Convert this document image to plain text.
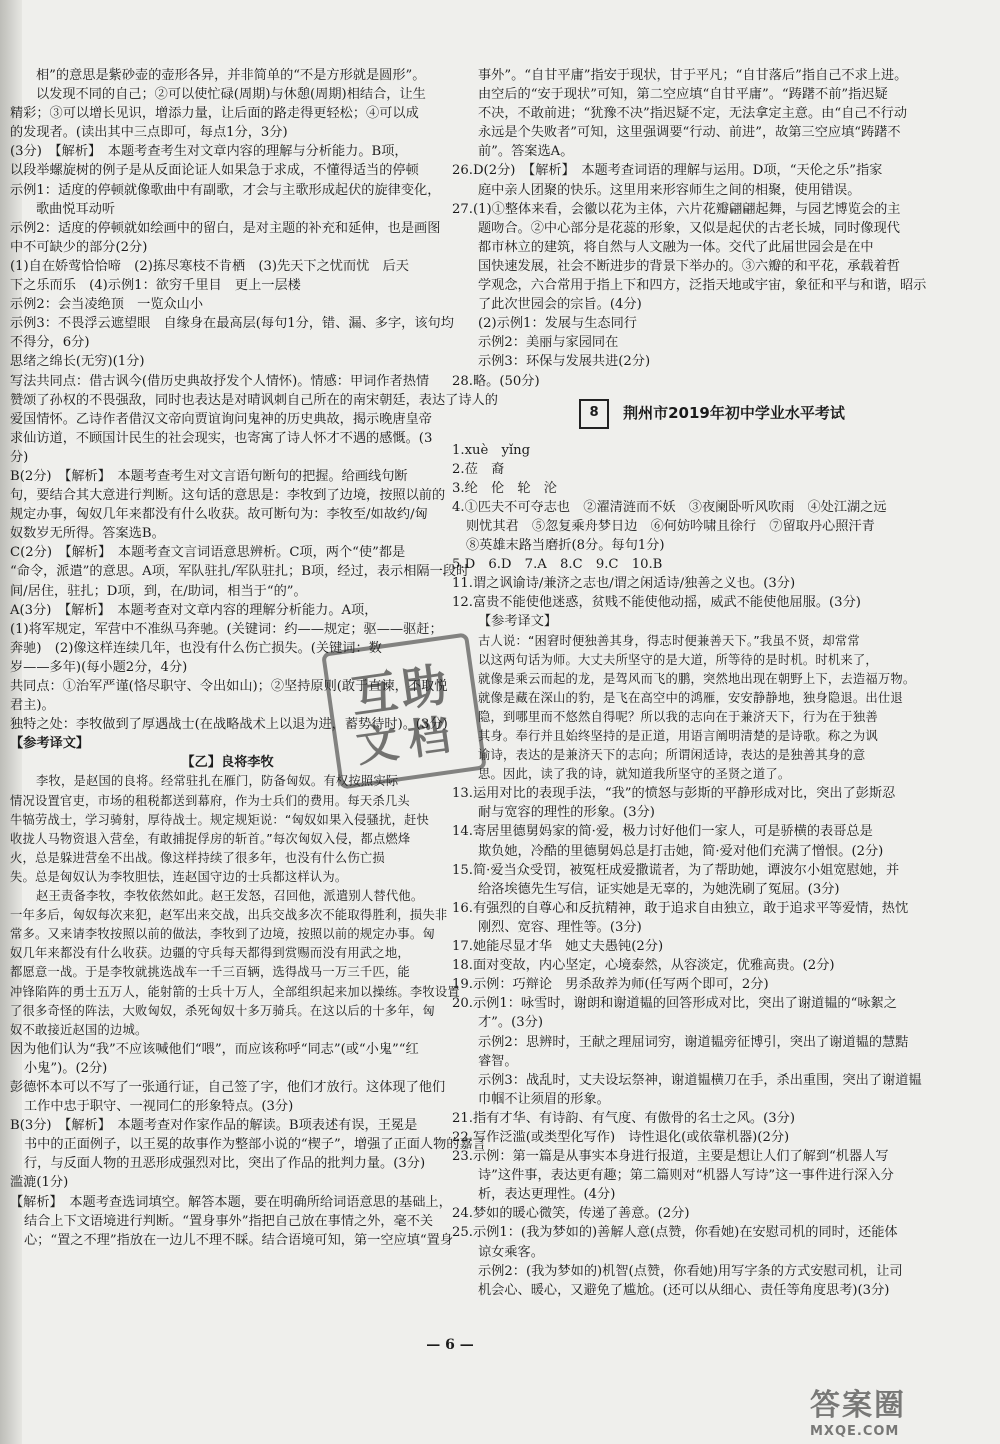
相”的意思是紫砂壶的壶形各异，并非简单的“不是方形就是圆形”。
以发现不同的自己；②可以使忙碌(周期)与休憩(周期)相结合，让生
精彩；③可以增长见识，增添力量，让后面的路走得更轻松；④可以成
的发现者。(读出其中三点即可，每点1分，3分)
(3分)　【解析】　本题考查考生对文章内容的理解与分析能力。B项，
以段举螺旋树的例子是从反面论证人如果急于求成，不懂得适当的停顿
示例1：适度的停顿就像歌曲中有副歌，才会与主歌形成起伏的旋律变化，
歌曲悦耳动听
示例2：适度的停顿就如绘画中的留白，是对主题的补充和延伸，也是画图
中不可缺少的部分(2分)
(1)自在娇莺恰恰啼　(2)拣尽寒枝不肯栖　(3)先天下之忧而忧　后天
下之乐而乐　(4)示例1：欲穷千里目　更上一层楼
示例2：会当凌绝顶　一览众山小
示例3：不畏浮云遮望眼　自缘身在最高层(每句1分，错、漏、多字，该句均
不得分，6分)
思绪之绵长(无穷)(1分)
写法共同点：借古讽今(借历史典故抒发个人情怀)。情感：甲词作者热情
赞颂了孙权的不畏强敌，同时也表达是对晴讽刺自己所在的南宋朝廷，表达了诗人的
爱国情怀。乙诗作者借汉文帝向贾谊询问鬼神的历史典故，揭示晚唐皇帝
求仙访道，不顾国计民生的社会现实，也寄寓了诗人怀才不遇的感慨。(3
分)
B(2分)　【解析】　本题考查考生对文言语句断句的把握。给画线句断
句，要结合其大意进行判断。这句话的意思是：李牧到了边境，按照以前的
规定办事，匈奴几年来都没有什么收获。故可断句为：李牧至/如故约/匈
奴数岁无所得。答案选B。
C(2分)　【解析】　本题考查文言词语意思辨析。C项，两个“使”都是
“命令，派遣”的意思。A项，军队驻扎/军队驻扎；B项，经过，表示相隔一段时
间/居住，驻扎；D项，到，在/助词，相当于“的”。
A(3分)　【解析】　本题考查对文章内容的理解分析能力。A项，
(1)将军规定，军营中不准纵马奔驰。(关键词：约——规定；驱——驱赶；
奔驰)　(2)像这样连续几年，也没有什么伤亡损失。(关键词：数
岁——多年)(每小题2分，4分)
共同点：①治军严谨(恪尽职守、令出如山)；②坚持原则(敢于直谏，不取悦
君主)。
独特之处：李牧做到了厚遇战士(在战略战术上以退为进，蓄势待时)。(3分)
【参考译文】
【乙】良将李牧
李牧，是赵国的良将。经常驻扎在雁门，防备匈奴。有权按照实际
情况设置官吏，市场的租税都送到幕府，作为士兵们的费用。每天杀几头
牛犒劳战士，学习骑射，厚待战士。规定规矩说：“匈奴如果入侵骚扰，赶快
收拢人马物资退入营垒，有敢捕捉俘房的斩首。”每次匈奴入侵，都点燃烽
火，总是躲进营垒不出战。像这样持续了很多年，也没有什么伤亡损
失。总是匈奴认为李牧胆怯，连赵国守边的士兵都这样认为。
赵王责备李牧，李牧依然如此。赵王发怒，召回他，派遣别人替代他。
一年多后，匈奴每次来犯，赵军出来交战，出兵交战多次不能取得胜利，损失非
常多。又来请李牧按照以前的做法，李牧到了边境，按照以前的规定办事。匈
奴几年来都没有什么收获。边疆的守兵每天都得到赏赐而没有用武之地，
都愿意一战。于是李牧就挑选战车一千三百辆，选得战马一万三千匹，能
冲锋陷阵的勇士五万人，能射箭的士兵十万人，全部组织起来加以操练。李牧设置
了很多奇怪的阵法，大败匈奴，杀死匈奴十多万骑兵。在这以后的十多年，匈
奴不敢接近赵国的边城。
因为他们认为“我”不应该喊他们“喂”，而应该称呼“同志”(或“小鬼”“红
小鬼”)。(2分)
彭德怀本可以不写了一张通行证，自己签了字，他们才放行。这体现了他们
工作中忠于职守、一视同仁的形象特点。(3分)
B(3分)　【解析】　本题考查对作家作品的解读。B项表述有误，王冕是
书中的正面例子，以王冕的故事作为整部小说的“楔子”，增强了正面人物的嘉言
行，与反面人物的丑恶形成强烈对比，突出了作品的批判力量。(3分)
滥漉(1分)
【解析】　本题考查选词填空。解答本题，要在明确所给词语意思的基础上，
结合上下文语境进行判断。“置身事外”指把自己放在事情之外，毫不关
心；“置之不理”指放在一边儿不理不睬。结合语境可知，第一空应填“置身
事外”。“自甘平庸”指安于现状，甘于平凡；“自甘落后”指自己不求上进。
由空后的“安于现状”可知，第二空应填“自甘平庸”。“踌躇不前”指迟疑
不决，不敢前进；“犹豫不决”指迟疑不定，无法拿定主意。由“自己不行动
永远是个失败者”可知，这里强调要“行动、前进”，故第三空应填“踌躇不
前”。答案选A。
26.D(2分)　【解析】　本题考查词语的理解与运用。D项，“天伦之乐”指家
庭中亲人团聚的快乐。这里用来形容师生之间的相聚，使用错误。
27.(1)①整体来看，会徽以花为主体，六片花瓣翩翩起舞，与园艺博览会的主
题吻合。②中心部分是花蕊的形象，又似是起伏的古老长城，同时像现代
都市林立的建筑，将自然与人文融为一体。交代了此届世园会是在中
国快速发展，社会不断进步的背景下举办的。③六瓣的和平花，承载着哲
学观念，六合常用于指上下和四方，泛指天地或宇宙，象征和平与和谐，昭示
了此次世园会的宗旨。(4分)
(2)示例1：发展与生态同行
示例2：美丽与家园同在
示例3：环保与发展共进(2分)
28.略。(50分)
8	荆州市2019年初中学业水平考试
1.xuè　yǐng
2.莅　裔
3.纶　伦　轮　沦
4.①匹夫不可夺志也　②濯清涟而不妖　③夜阑卧听风吹雨　④处江湖之远
则忧其君　⑤忽复乘舟梦日边　⑥何妨吟啸且徐行　⑦留取丹心照汗青
⑧英雄末路当磨折(8分。每句1分)
5.D　6.D　7.A　8.C　9.C　10.B
11.谓之讽谕诗/兼济之志也/谓之闲适诗/独善之义也。(3分)
12.富贵不能使他迷惑，贫贱不能使他动摇，威武不能使他屈服。(3分)
【参考译文】
古人说：“困窘时便独善其身，得志时便兼善天下。”我虽不贤，却常常
以这两句话为师。大丈夫所坚守的是大道，所等待的是时机。时机来了，
就像是乘云而起的龙，是驾风而飞的鹏，突然地出现在朝野上下，去造福万物。
就像是藏在深山的豹，是飞在高空中的鸿雁，安安静静地，独身隐退。出仕退
隐，到哪里而不悠然自得呢？所以我的志向在于兼济天下，行为在于独善
其身。奉行并且始终坚持的是正道，用语言阐明清楚的是诗歌。称之为讽
谕诗，表达的是兼济天下的志向；所谓闲适诗，表达的是独善其身的意
思。因此，读了我的诗，就知道我所坚守的圣贤之道了。
13.运用对比的表现手法，“我”的愤怒与彭斯的平静形成对比，突出了彭斯忍
耐与宽容的理性的形象。(3分)
14.寄居里德舅妈家的简·爱，极力讨好他们一家人，可是骄横的表哥总是
欺负她，冷酷的里德舅妈总是打击她，简·爱对他们充满了憎恨。(2分)
15.简·爱当众受罚，被冤枉成爱撒谎者，为了帮助她，谭波尔小姐宽慰她，并
给洛埃德先生写信，证实她是无辜的，为她洗刷了冤屈。(3分)
16.有强烈的自尊心和反抗精神，敢于追求自由独立，敢于追求平等爱情，热忱
刚烈、宽容、理性等。(3分)
17.她能尽显才华　她丈夫愚钝(2分)
18.面对变故，内心坚定，心境泰然，从容淡定，优雅高贵。(2分)
19.示例：巧辩论　男杀敌养为师(任写两个即可，2分)
20.示例1：咏雪时，谢朗和谢道韫的回答形成对比，突出了谢道韫的“咏絮之
才”。(3分)
示例2：思辨时，王献之理屈词穷，谢道韫旁征博引，突出了谢道韫的慧黠
睿智。
示例3：战乱时，丈夫设坛祭神，谢道韫横刀在手，杀出重围，突出了谢道韫
巾帼不让须眉的形象。
21.指有才华、有诗韵、有气度、有傲骨的名士之风。(3分)
22.写作泛滥(或类型化写作)　诗性退化(或依靠机器)(2分)
23.示例：第一篇是从事实本身进行报道，主要是想让人们了解到“机器人写
诗”这件事，表达更有趣；第二篇则对“机器人写诗”这一事件进行深入分
析，表达更理性。(4分)
24.梦如的暖心微笑，传递了善意。(2分)
25.示例1：(我为梦如的)善解人意(点赞，你看她)在安慰司机的同时，还能体
谅女乘客。
示例2：(我为梦如的)机智(点赞，你看她)用写字条的方式安慰司机，让司
机会心、暖心，又避免了尴尬。(还可以从细心、责任等角度思考)(3分)
— 6 —
互助
文档
答案圈
MXQE.COM
